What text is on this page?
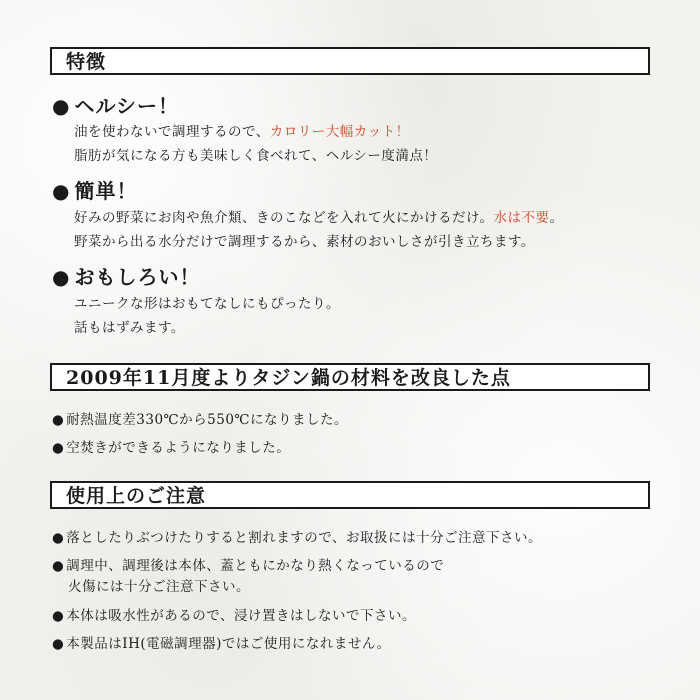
特徴
● ヘルシー！
油を使わないで調理するので、カロリー大幅カット！
脂肪が気になる方も美味しく食べれて、ヘルシー度満点！
● 簡単！
好みの野菜にお肉や魚介類、きのこなどを入れて火にかけるだけ。水は不要。
野菜から出る水分だけで調理するから、素材のおいしさが引き立ちます。
● おもしろい！
ユニークな形はおもてなしにもぴったり。
話もはずみます。
2009年11月度よりタジン鍋の材料を改良した点
● 耐熱温度差330℃から550℃になりました。
● 空焚きができるようになりました。
使用上のご注意
● 落としたりぶつけたりすると割れますので、お取扱には十分ご注意下さい。
● 調理中、調理後は本体、蓋ともにかなり熱くなっているので
火傷には十分ご注意下さい。
● 本体は吸水性があるので、浸け置きはしないで下さい。
● 本製品はIH(電磁調理器)ではご使用になれません。
